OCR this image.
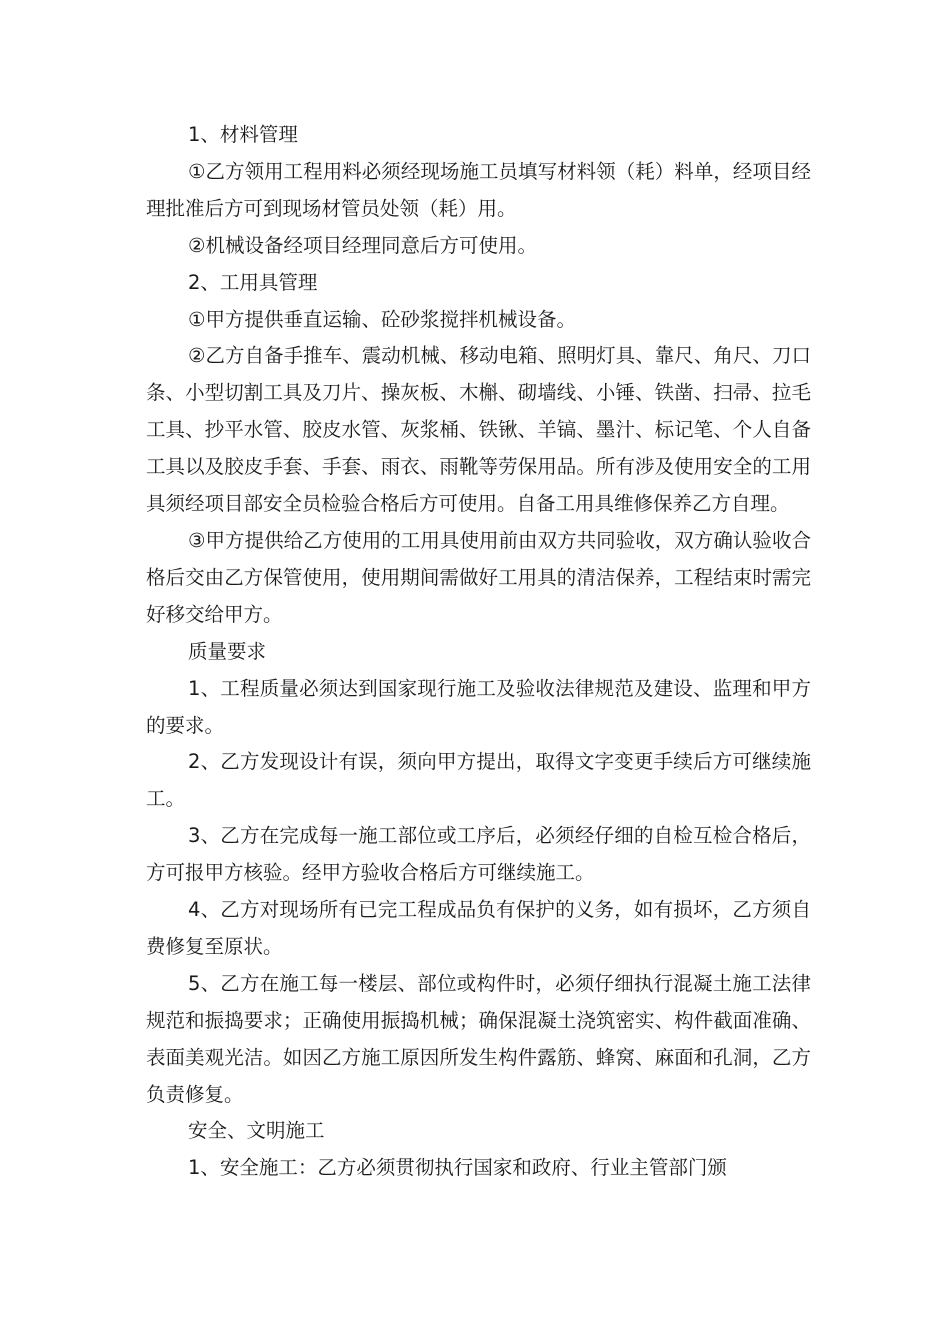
1、材料管理

①乙方领用工程用料必须经现场施工员填写材料领（耗）料单，经项目经理批准后方可到现场材管员处领（耗）用。

②机械设备经项目经理同意后方可使用。

2、工用具管理

①甲方提供垂直运输、砼砂浆搅拌机械设备。

②乙方自备手推车、震动机械、移动电箱、照明灯具、靠尺、角尺、刀口条、小型切割工具及刀片、操灰板、木槲、砌墙线、小锤、铁凿、扫帚、拉毛工具、抄平水管、胶皮水管、灰浆桶、铁锹、羊镐、墨汁、标记笔、个人自备工具以及胶皮手套、手套、雨衣、雨靴等劳保用品。所有涉及使用安全的工用具须经项目部安全员检验合格后方可使用。自备工用具维修保养乙方自理。

③甲方提供给乙方使用的工用具使用前由双方共同验收，双方确认验收合格后交由乙方保管使用，使用期间需做好工用具的清洁保养，工程结束时需完好移交给甲方。

质量要求

1、工程质量必须达到国家现行施工及验收法律规范及建设、监理和甲方的要求。

2、乙方发现设计有误，须向甲方提出，取得文字变更手续后方可继续施工。

3、乙方在完成每一施工部位或工序后，必须经仔细的自检互检合格后，方可报甲方核验。经甲方验收合格后方可继续施工。

4、乙方对现场所有已完工程成品负有保护的义务，如有损坏，乙方须自费修复至原状。

5、乙方在施工每一楼层、部位或构件时，必须仔细执行混凝土施工法律规范和振捣要求；正确使用振捣机械；确保混凝土浇筑密实、构件截面准确、表面美观光洁。如因乙方施工原因所发生构件露筋、蜂窝、麻面和孔洞，乙方负责修复。

安全、文明施工

1、安全施工：乙方必须贯彻执行国家和政府、行业主管部门颁
